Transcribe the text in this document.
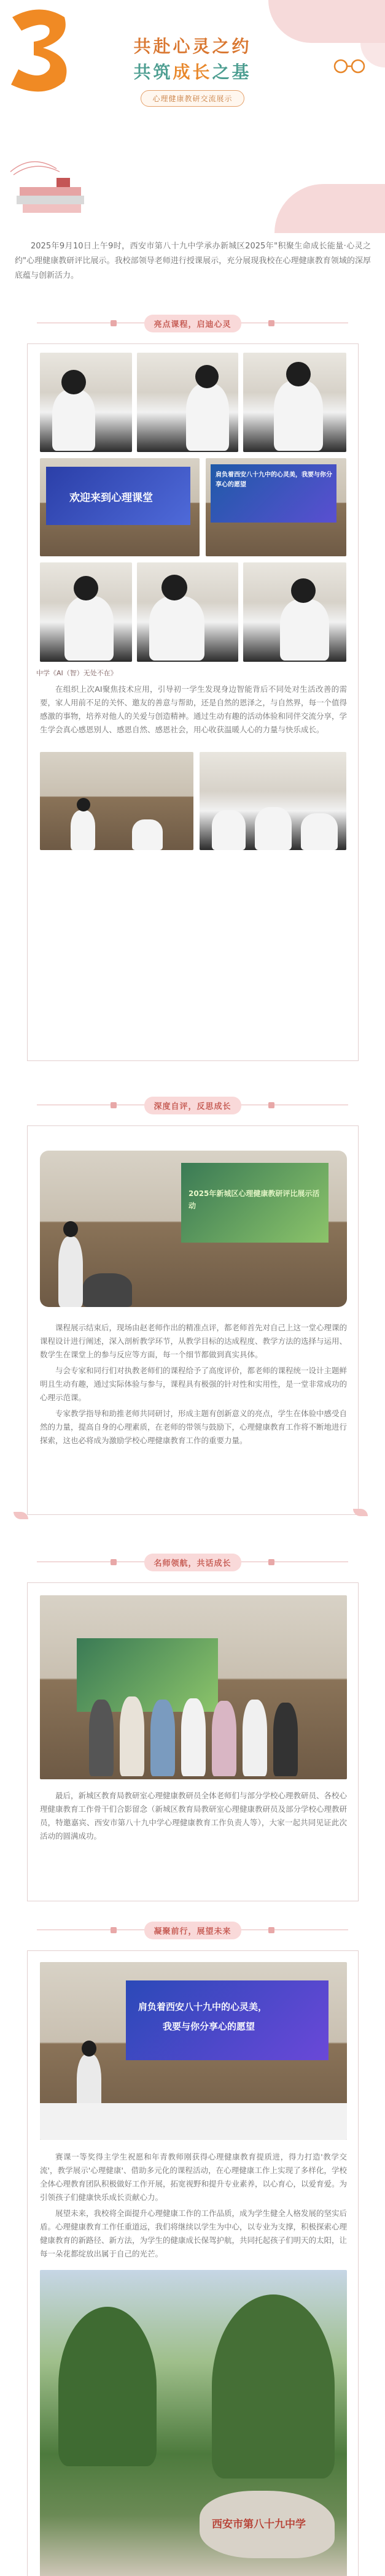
共赴心灵之约
共筑成长之基
心理健康教研交流展示
2025年9月10日上午9时，西安市第八十九中学承办新城区2025年"积聚生命成长能量·心灵之约"心理健康教研评比展示。我校部领导老师进行授课展示，充分展现我校在心理健康教育领域的深厚底蕴与创新活力。
亮点课程，启迪心灵
欢迎来到心理课堂
肩负着西安八十九中的心灵美，我要与你分享心的愿望
中学《AI（智）无处不在》

在组织上次AI聚焦技术应用，引导初一学生发现身边智能背后不同处对生活改善的需要，家人用前不足的关怀、邀友的善意与帮助，还是自然的恩泽之，与自然界，每一个值得感激的事物，培养对他人的关爱与创造精神。通过生动有趣的活动体验和同伴交流分享，学生学会真心感恩别人、感恩自然、感恩社会，用心收获温暖人心的力量与快乐成长。

深度自评，反思成长
2025年新城区心理健康教研评比展示活动

课程展示结束后，现场由赵老师作出的精准点评，都老师首先对自己上这一堂心理课的课程设计进行阐述，深入剖析教学环节，从教学目标的达成程度、教学方法的选择与运用、数学生在课堂上的参与反应等方面，每一个细节都做到真实具体。

与会专家和同行们对执教老师们的课程给予了高度评价，都老师的课程统一设计主题鲜明且生动有趣，通过实际体验与参与，课程具有极强的针对性和实用性，是一堂非常成功的心理示范课。

专家教学指导和助推老师共同研讨，形成主题有创新意义的亮点，学生在体验中感受自然的力量，提高自身的心理素质，在老师的带领与鼓励下，心理健康教育工作将不断地进行探索，这也必将成为激励学校心理健康教育工作的重要力量。

名师领航，共话成长

最后，新城区教育局教研室心理健康教研员全体老师们与部分学校心理教研员、各校心理健康教育工作骨干们合影留念（新城区教育局教研室心理健康教研员及部分学校心理教研员，特邀嘉宾、西安市第八十九中学心理健康教育工作负责人等），大家一起共同见证此次活动的圆满成功。

凝聚前行，展望未来
肩负着西安八十九中的心灵美，
我要与你分享心的愿望

赛课一等奖得主学生祝愿和年青教师刚获得心理健康教育提质进，得力打造'教学交流'，教学展示'心理健康'、借助多元化的课程活动，在心理健康工作上实现了多样化，学校全体心理教育团队积极做好工作开展，拓宽视野和提升专业素养，以心育心，以爱育爱。为引领孩子们健康快乐成长贡献心力。

展望未来，我校将全面提升心理健康工作的工作品质，成为学生健全人格发展的坚实后盾。心理健康教育工作任重道远，我们将继续以学生为中心，以专业为支撑，积极探索心理健康教育的新路径、新方法，为学生的健康成长保驾护航，共同托起孩子们明天的太阳，让每一朵花都绽放出属于自己的光芒。

西安市第八十九中学
